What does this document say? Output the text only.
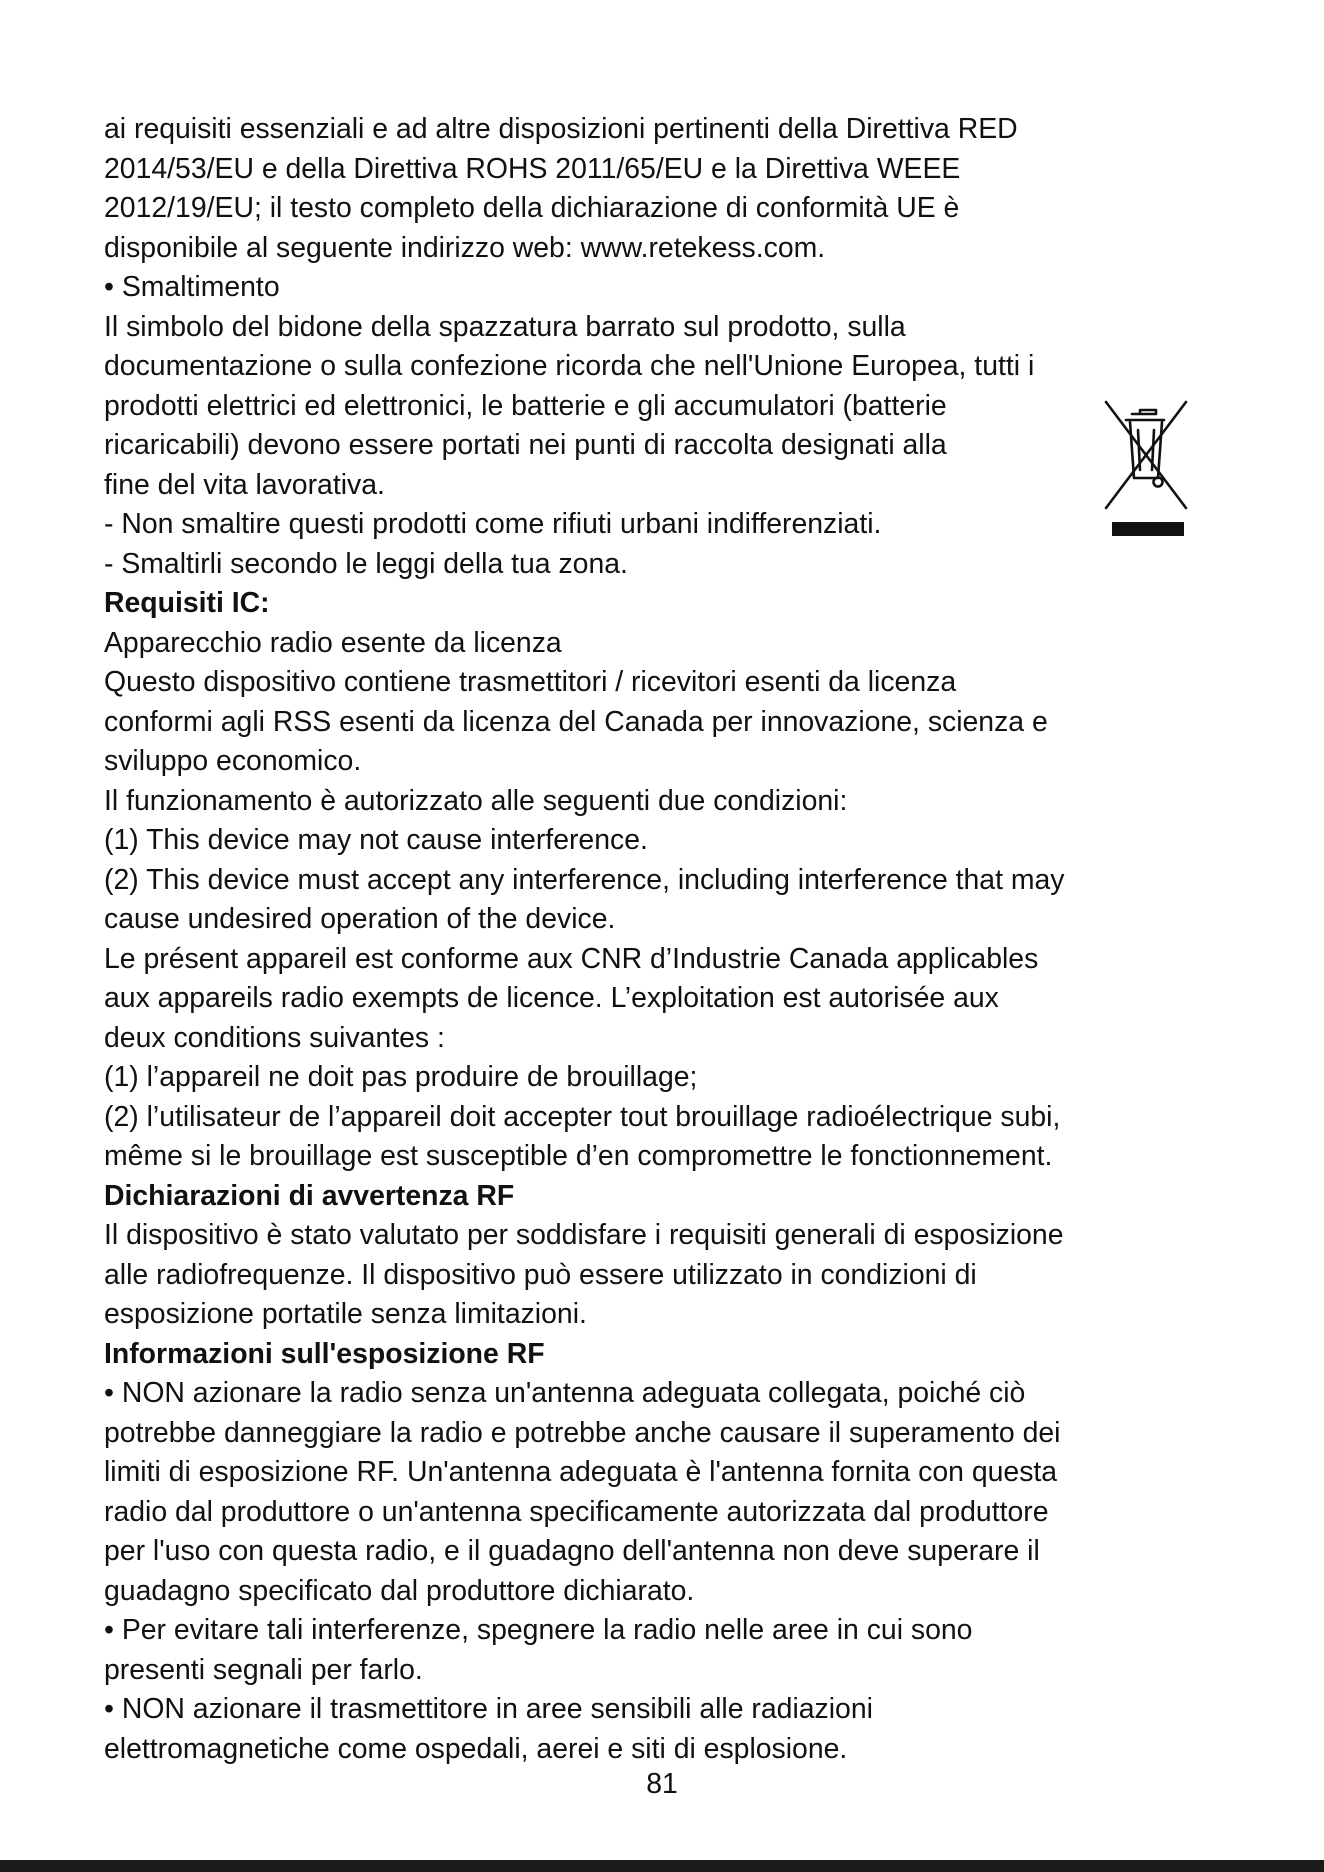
ai requisiti essenziali e ad altre disposizioni pertinenti della Direttiva RED
2014/53/EU e della Direttiva ROHS 2011/65/EU e la Direttiva WEEE
2012/19/EU; il testo completo della dichiarazione di conformità UE è
disponibile al seguente indirizzo web: www.retekess.com.
• Smaltimento
Il simbolo del bidone della spazzatura barrato sul prodotto, sulla
documentazione o sulla confezione ricorda che nell'Unione Europea, tutti i
prodotti elettrici ed elettronici, le batterie e gli accumulatori (batterie
ricaricabili) devono essere portati nei punti di raccolta designati alla
fine del vita lavorativa.
- Non smaltire questi prodotti come rifiuti urbani indifferenziati.
- Smaltirli secondo le leggi della tua zona.
Requisiti IC:
Apparecchio radio esente da licenza
Questo dispositivo contiene trasmettitori / ricevitori esenti da licenza
conformi agli RSS esenti da licenza del Canada per innovazione, scienza e
sviluppo economico.
Il funzionamento è autorizzato alle seguenti due condizioni:
(1) This device may not cause interference.
(2) This device must accept any interference, including interference that may
cause undesired operation of the device.
Le présent appareil est conforme aux CNR d’Industrie Canada applicables
aux appareils radio exempts de licence. L’exploitation est autorisée aux
deux conditions suivantes :
(1) l’appareil ne doit pas produire de brouillage;
(2) l’utilisateur de l’appareil doit accepter tout brouillage radioélectrique subi,
même si le brouillage est susceptible d’en compromettre le fonctionnement.
Dichiarazioni di avvertenza RF
Il dispositivo è stato valutato per soddisfare i requisiti generali di esposizione
alle radiofrequenze. Il dispositivo può essere utilizzato in condizioni di
esposizione portatile senza limitazioni.
Informazioni sull'esposizione RF
• NON azionare la radio senza un'antenna adeguata collegata, poiché ciò
potrebbe danneggiare la radio e potrebbe anche causare il superamento dei
limiti di esposizione RF. Un'antenna adeguata è l'antenna fornita con questa
radio dal produttore o un'antenna specificamente autorizzata dal produttore
per l'uso con questa radio, e il guadagno dell'antenna non deve superare il
guadagno specificato dal produttore dichiarato.
• Per evitare tali interferenze, spegnere la radio nelle aree in cui sono
presenti segnali per farlo.
• NON azionare il trasmettitore in aree sensibili alle radiazioni
elettromagnetiche come ospedali, aerei e siti di esplosione.
81
